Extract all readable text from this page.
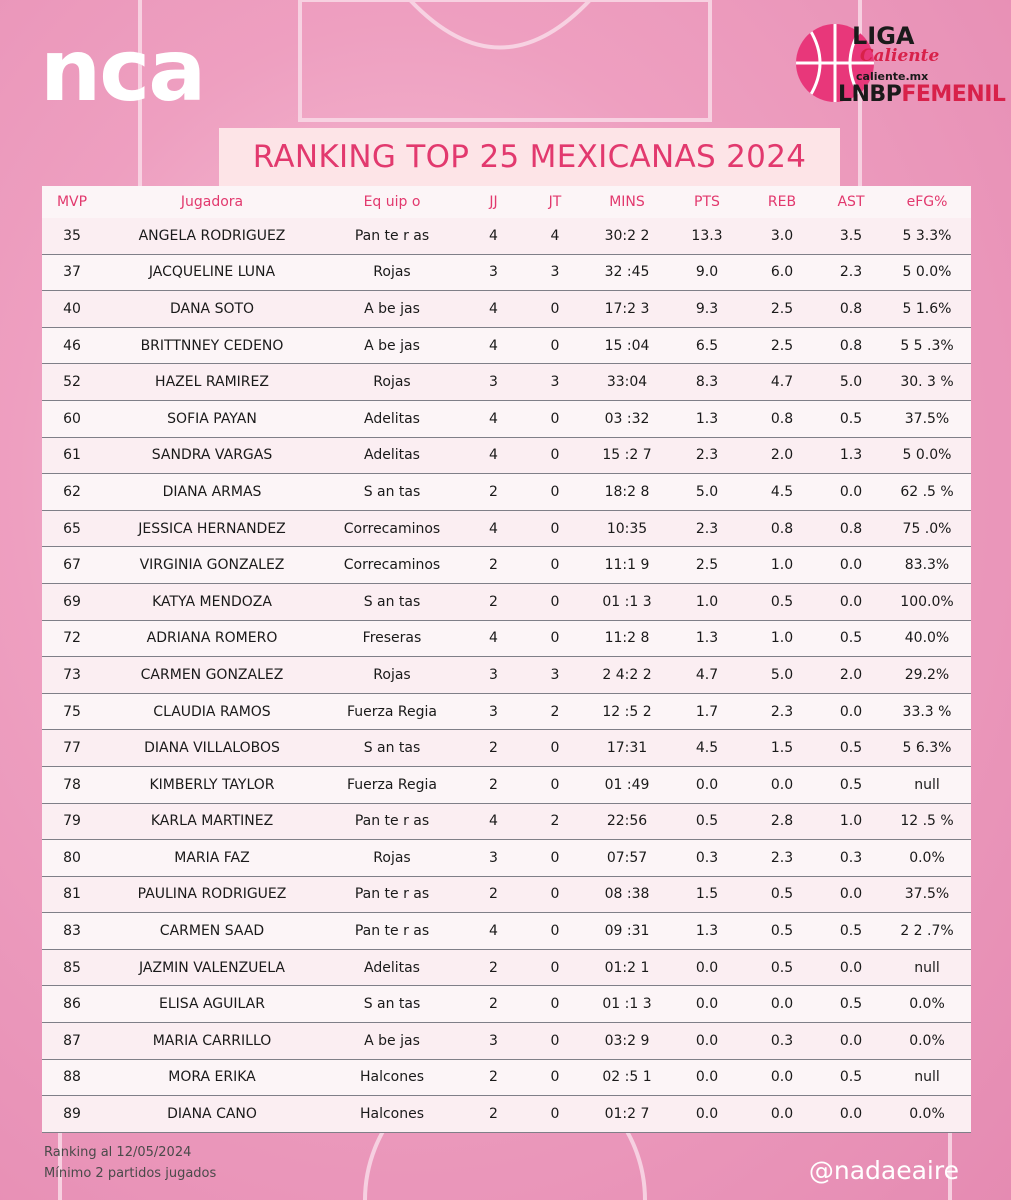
nca	LIGA
Caliente
caliente.mx
LNBPFEMENIL
RANKING TOP 25 MEXICANAS 2024
MVP	Jugadora	Eq uip o	JJ	JT	MINS	PTS	REB	AST	eFG%
35	ANGELA RODRIGUEZ	Pan te r as	4	4	30:2 2	13.3	3.0	3.5	5 3.3%
37	JACQUELINE LUNA	Rojas	3	3	32 :45	9.0	6.0	2.3	5 0.0%
40	DANA SOTO	A be jas	4	0	17:2 3	9.3	2.5	0.8	5 1.6%
46	BRITTNNEY CEDENO	A be jas	4	0	15 :04	6.5	2.5	0.8	5 5 .3%
52	HAZEL RAMIREZ	Rojas	3	3	33:04	8.3	4.7	5.0	30. 3 %
60	SOFIA PAYAN	Adelitas	4	0	03 :32	1.3	0.8	0.5	37.5%
61	SANDRA VARGAS	Adelitas	4	0	15 :2 7	2.3	2.0	1.3	5 0.0%
62	DIANA ARMAS	S an tas	2	0	18:2 8	5.0	4.5	0.0	62 .5 %
65	JESSICA HERNANDEZ	Correcaminos	4	0	10:35	2.3	0.8	0.8	75 .0%
67	VIRGINIA GONZALEZ	Correcaminos	2	0	11:1 9	2.5	1.0	0.0	83.3%
69	KATYA MENDOZA	S an tas	2	0	01 :1 3	1.0	0.5	0.0	100.0%
72	ADRIANA ROMERO	Freseras	4	0	11:2 8	1.3	1.0	0.5	40.0%
73	CARMEN GONZALEZ	Rojas	3	3	2 4:2 2	4.7	5.0	2.0	29.2%
75	CLAUDIA RAMOS	Fuerza Regia	3	2	12 :5 2	1.7	2.3	0.0	33.3 %
77	DIANA VILLALOBOS	S an tas	2	0	17:31	4.5	1.5	0.5	5 6.3%
78	KIMBERLY TAYLOR	Fuerza Regia	2	0	01 :49	0.0	0.0	0.5	null
79	KARLA MARTINEZ	Pan te r as	4	2	22:56	0.5	2.8	1.0	12 .5 %
80	MARIA FAZ	Rojas	3	0	07:57	0.3	2.3	0.3	0.0%
81	PAULINA RODRIGUEZ	Pan te r as	2	0	08 :38	1.5	0.5	0.0	37.5%
83	CARMEN SAAD	Pan te r as	4	0	09 :31	1.3	0.5	0.5	2 2 .7%
85	JAZMIN VALENZUELA	Adelitas	2	0	01:2 1	0.0	0.5	0.0	null
86	ELISA AGUILAR	S an tas	2	0	01 :1 3	0.0	0.0	0.5	0.0%
87	MARIA CARRILLO	A be jas	3	0	03:2 9	0.0	0.3	0.0	0.0%
88	MORA ERIKA	Halcones	2	0	02 :5 1	0.0	0.0	0.5	null
89	DIANA CANO	Halcones	2	0	01:2 7	0.0	0.0	0.0	0.0%
Ranking al 12/05/2024
Mínimo 2 partidos jugados	@nadaeaire
